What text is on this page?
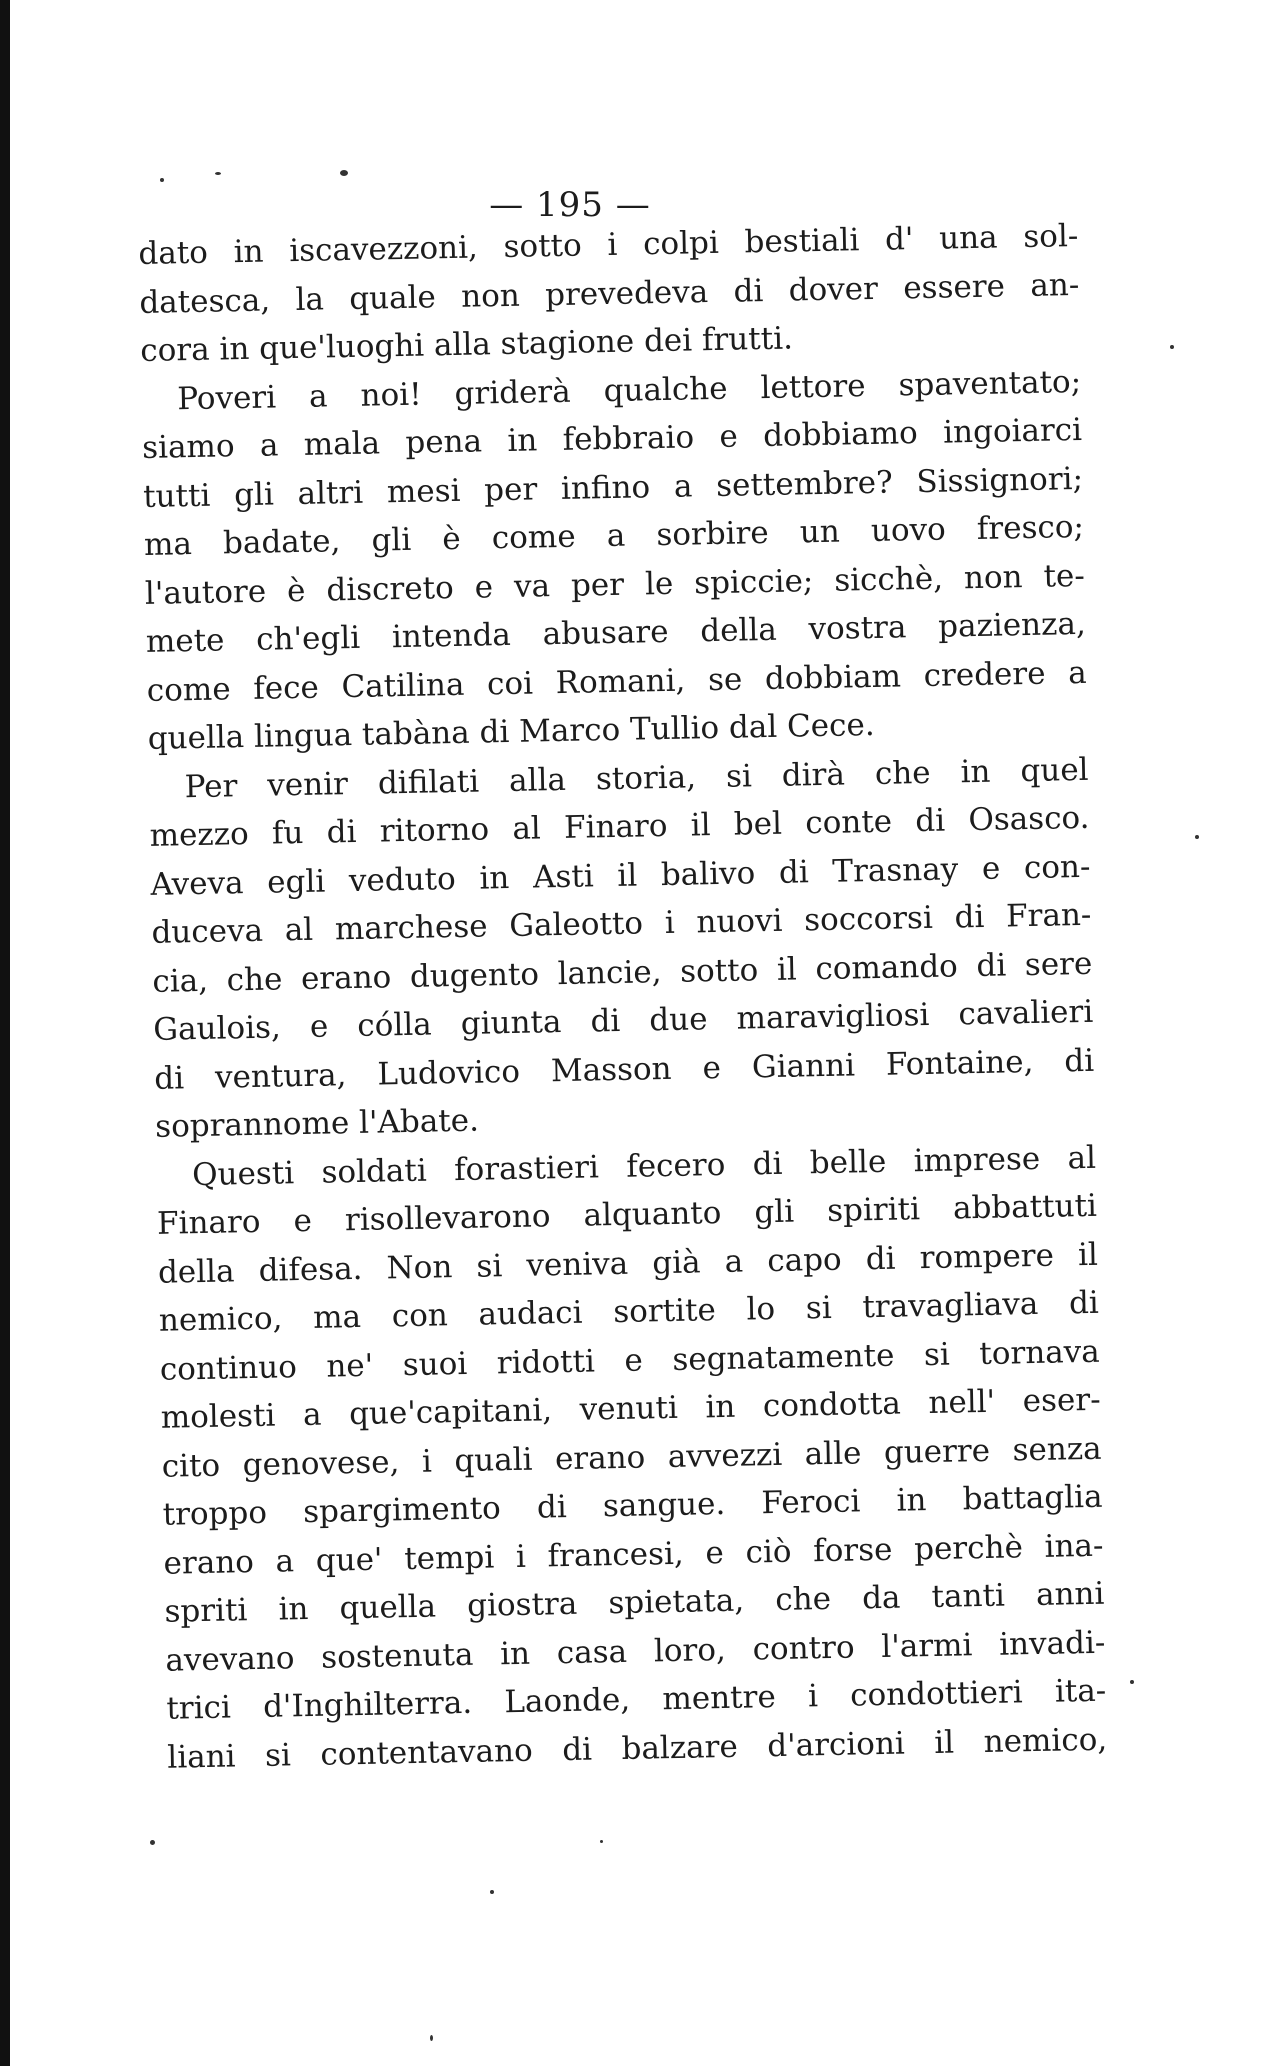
— 195 —
dato in iscavezzoni, sotto i colpi bestiali d' una sol-
datesca, la quale non prevedeva di dover essere an-
cora in que'luoghi alla stagione dei frutti.
Poveri a noi! griderà qualche lettore spaventato;
siamo a mala pena in febbraio e dobbiamo ingoiarci
tutti gli altri mesi per infino a settembre? Sissignori;
ma badate, gli è come a sorbire un uovo fresco;
l'autore è discreto e va per le spiccie; sicchè, non te-
mete ch'egli intenda abusare della vostra pazienza,
come fece Catilina coi Romani, se dobbiam credere a
quella lingua tabàna di Marco Tullio dal Cece.
Per venir difilati alla storia, si dirà che in quel
mezzo fu di ritorno al Finaro il bel conte di Osasco.
Aveva egli veduto in Asti il balivo di Trasnay e con-
duceva al marchese Galeotto i nuovi soccorsi di Fran-
cia, che erano dugento lancie, sotto il comando di sere
Gaulois, e cólla giunta di due maravigliosi cavalieri
di ventura, Ludovico Masson e Gianni Fontaine, di
soprannome l'Abate.
Questi soldati forastieri fecero di belle imprese al
Finaro e risollevarono alquanto gli spiriti abbattuti
della difesa. Non si veniva già a capo di rompere il
nemico, ma con audaci sortite lo si travagliava di
continuo ne' suoi ridotti e segnatamente si tornava
molesti a que'capitani, venuti in condotta nell' eser-
cito genovese, i quali erano avvezzi alle guerre senza
troppo spargimento di sangue. Feroci in battaglia
erano a que' tempi i francesi, e ciò forse perchè ina-
spriti in quella giostra spietata, che da tanti anni
avevano sostenuta in casa loro, contro l'armi invadi-
trici d'Inghilterra. Laonde, mentre i condottieri ita-
liani si contentavano di balzare d'arcioni il nemico,
